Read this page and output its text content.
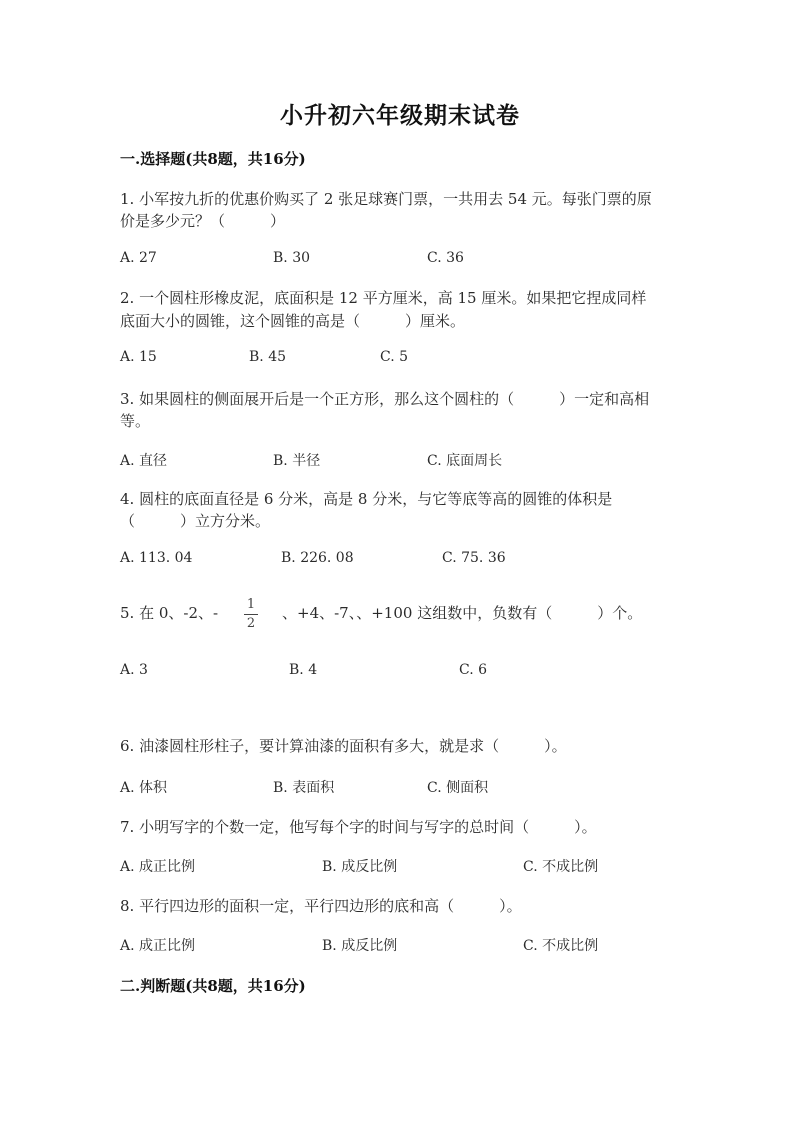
小升初六年级期末试卷
一.选择题(共8题，共16分)
1. 小军按九折的优惠价购买了 2 张足球赛门票，一共用去 54 元。每张门票的原
价是多少元？（　　　）
A. 27	B. 30	C. 36
2. 一个圆柱形橡皮泥，底面积是 12 平方厘米，高 15 厘米。如果把它捏成同样
底面大小的圆锥，这个圆锥的高是（　　　）厘米。
A. 15	B. 45	C. 5
3. 如果圆柱的侧面展开后是一个正方形，那么这个圆柱的（　　　）一定和高相
等。
A. 直径	B. 半径	C. 底面周长
4. 圆柱的底面直径是 6 分米，高是 8 分米，与它等底等高的圆锥的体积是
（　　　）立方分米。
A. 113. 04	B. 226. 08	C. 75. 36
5. 在 0、-2、- 1
2
、+4、-7、、+100 这组数中，负数有（　　　）个。
A. 3	B. 4	C. 6
6. 油漆圆柱形柱子，要计算油漆的面积有多大，就是求（　　　）。
A. 体积	B. 表面积	C. 侧面积
7. 小明写字的个数一定，他写每个字的时间与写字的总时间（　　　）。
A. 成正比例	B. 成反比例	C. 不成比例
8. 平行四边形的面积一定，平行四边形的底和高（　　　）。
A. 成正比例	B. 成反比例	C. 不成比例
二.判断题(共8题，共16分)
